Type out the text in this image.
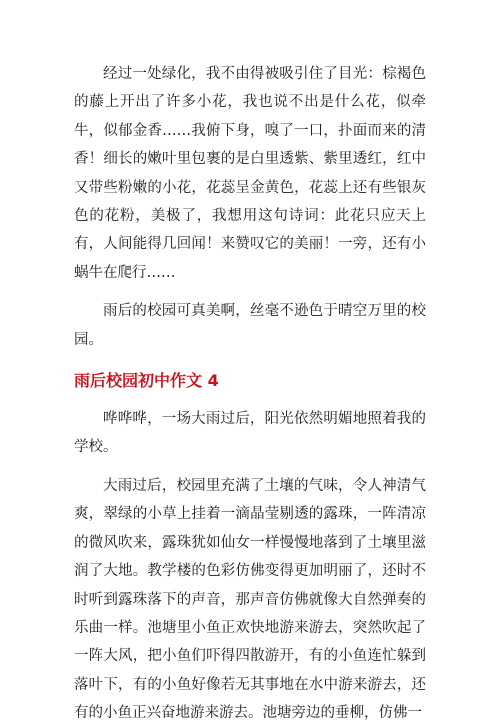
经过一处绿化，我不由得被吸引住了目光：棕褐色的藤上开出了许多小花，我也说不出是什么花，似牵牛，似郁金香……我俯下身，嗅了一口，扑面而来的清香！细长的嫩叶里包裹的是白里透紫、紫里透红，红中又带些粉嫩的小花，花蕊呈金黄色，花蕊上还有些银灰色的花粉，美极了，我想用这句诗词：此花只应天上有，人间能得几回闻！来赞叹它的美丽！一旁，还有小蜗牛在爬行……

雨后的校园可真美啊，丝毫不逊色于晴空万里的校园。

雨后校园初中作文 4

哗哗哗，一场大雨过后，阳光依然明媚地照着我的学校。

大雨过后，校园里充满了土壤的气味，令人神清气爽，翠绿的小草上挂着一滴晶莹剔透的露珠，一阵清凉的微风吹来，露珠犹如仙女一样慢慢地落到了土壤里滋润了大地。教学楼的色彩仿佛变得更加明丽了，还时不时听到露珠落下的声音，那声音仿佛就像大自然弹奏的乐曲一样。池塘里小鱼正欢快地游来游去，突然吹起了一阵大风，把小鱼们吓得四散游开，有的小鱼连忙躲到落叶下，有的小鱼好像若无其事地在水中游来游去，还有的小鱼正兴奋地游来游去。池塘旁边的垂柳，仿佛一
